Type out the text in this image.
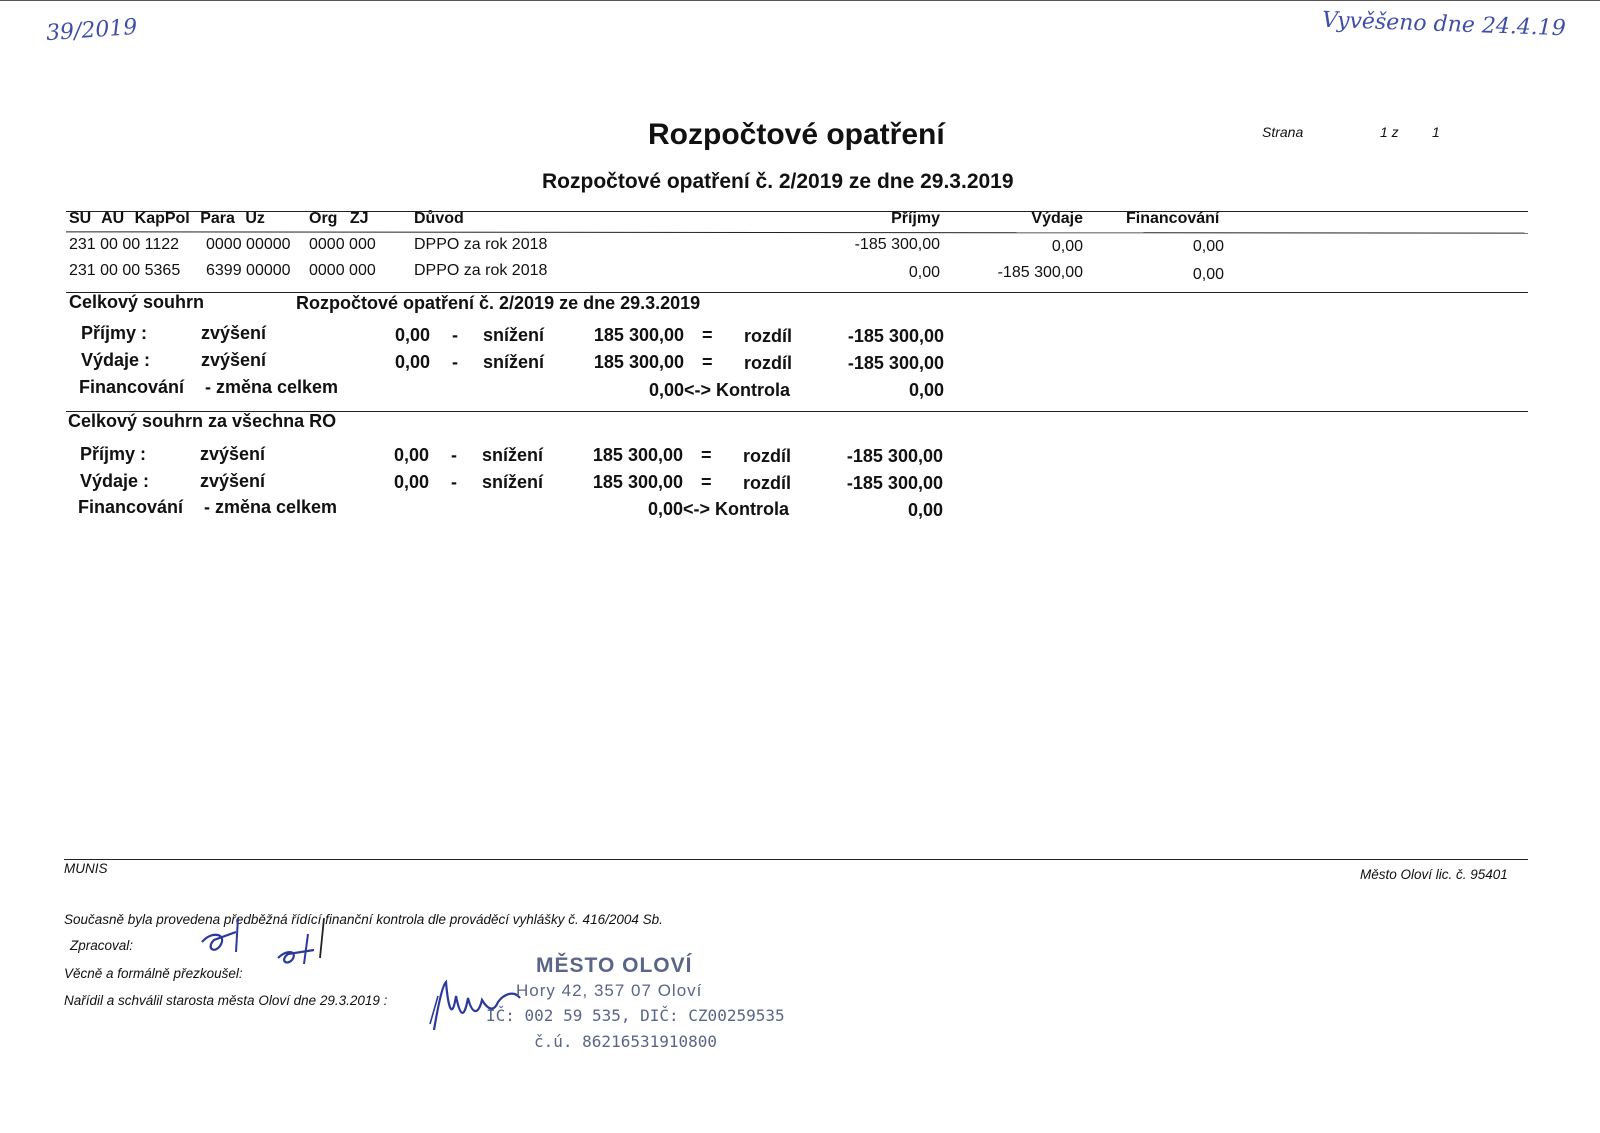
39/2019	Vyvěšeno dne 24.4.19
Rozpočtové opatření	Strana	1 z 1
Rozpočtové opatření č. 2/2019 ze dne 29.3.2019
SU AU KapPol Para Uz	Org ZJ	Důvod	Příjmy	Výdaje	Financování
231 00 00 1122 0000 00000 0000 000 DPPO za rok 2018	-185 300,00	0,00	0,00
231 00 00 5365 6399 00000 0000 000 DPPO za rok 2018	0,00	-185 300,00	0,00
Celkový souhrn	Rozpočtové opatření č. 2/2019 ze dne 29.3.2019
Příjmy :	zvýšení	0,00 - snížení	185 300,00 = rozdíl	-185 300,00
Výdaje :	zvýšení	0,00 - snížení	185 300,00 = rozdíl	-185 300,00
Financování - změna celkem	0,00 <-> Kontrola	0,00
Celkový souhrn za všechna RO
Příjmy :	zvýšení	0,00 - snížení	185 300,00 = rozdíl	-185 300,00
Výdaje :	zvýšení	0,00 - snížení	185 300,00 = rozdíl	-185 300,00
Financování - změna celkem	0,00 <-> Kontrola	0,00
MUNIS	Město Oloví lic. č. 95401
Současně byla provedena předběžná řídící finanční kontrola dle prováděcí vyhlášky č. 416/2004 Sb.
Zpracoval:
Věcně a formálně přezkoušel:
Nařídil a schválil starosta města Oloví dne 29.3.2019 :
MĚSTO OLOVÍ
Hory 42, 357 07 Oloví
IČ: 002 59 535, DIČ: CZ00259535
č.ú. 86216531910800
